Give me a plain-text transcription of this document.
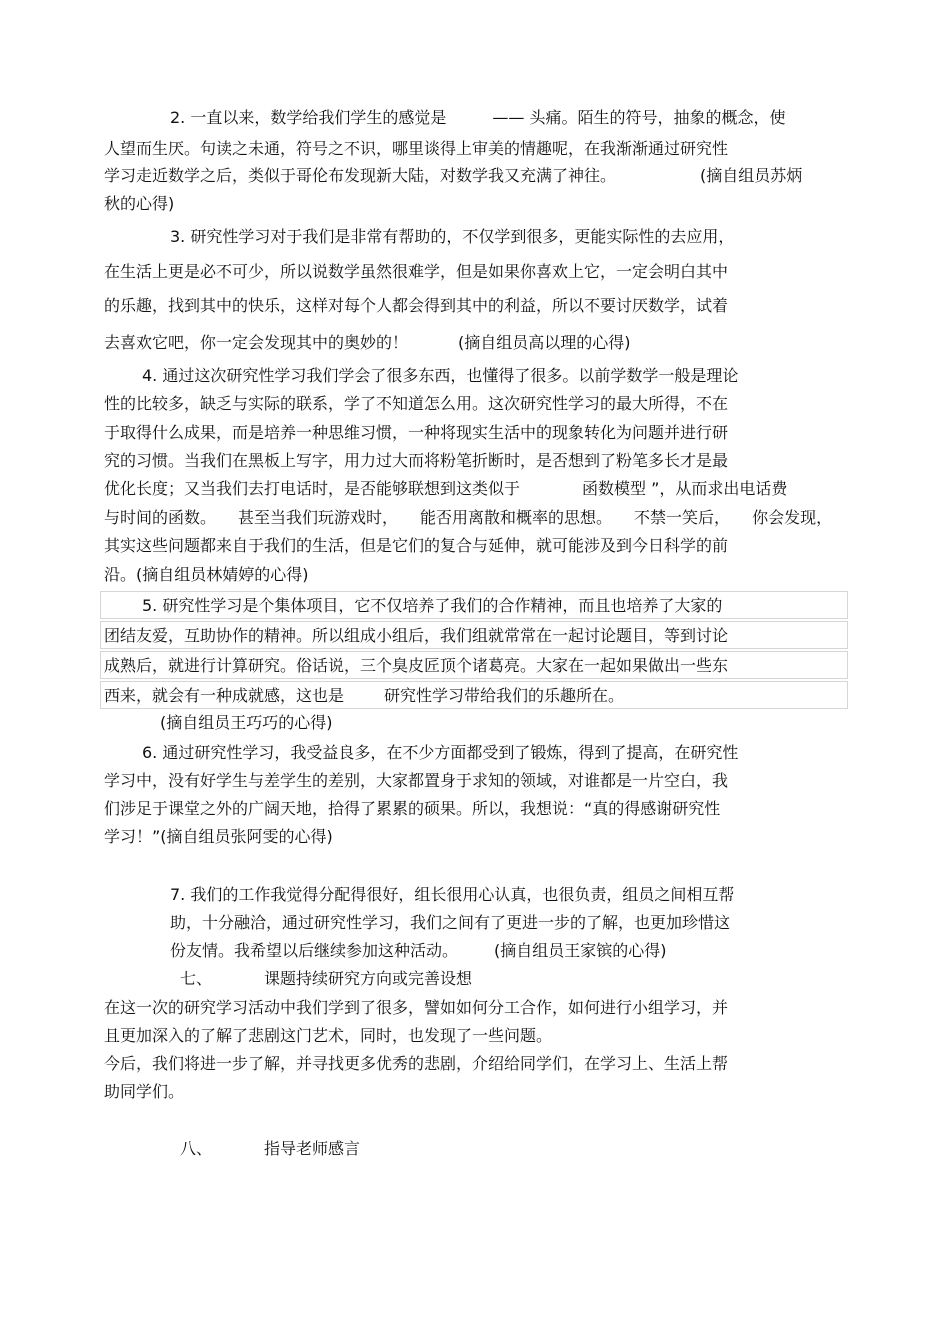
2. 一直以来，数学给我们学生的感觉是	—— 头痛。陌生的符号，抽象的概念，使
人望而生厌。句读之未通，符号之不识，哪里谈得上审美的情趣呢，在我渐渐通过研究性
学习走近数学之后，类似于哥伦布发现新大陆，对数学我又充满了神往。	(摘自组员苏炳
秋的心得)
3. 研究性学习对于我们是非常有帮助的，不仅学到很多，更能实际性的去应用，
在生活上更是必不可少，所以说数学虽然很难学，但是如果你喜欢上它，一定会明白其中
的乐趣，找到其中的快乐，这样对每个人都会得到其中的利益，所以不要讨厌数学，试着
去喜欢它吧，你一定会发现其中的奥妙的！	(摘自组员高以理的心得)
4. 通过这次研究性学习我们学会了很多东西，也懂得了很多。以前学数学一般是理论
性的比较多，缺乏与实际的联系，学了不知道怎么用。这次研究性学习的最大所得，不在
于取得什么成果，而是培养一种思维习惯，一种将现实生活中的现象转化为问题并进行研
究的习惯。当我们在黑板上写字，用力过大而将粉笔折断时，是否想到了粉笔多长才是最
优化长度；又当我们去打电话时，是否能够联想到这类似于	函数模型 ”，从而求出电话费
与时间的函数。 甚至当我们玩游戏时， 能否用离散和概率的思想。 不禁一笑后， 你会发现，
其实这些问题都来自于我们的生活，但是它们的复合与延伸，就可能涉及到今日科学的前
沿。(摘自组员林婧婷的心得)
5. 研究性学习是个集体项目，它不仅培养了我们的合作精神，而且也培养了大家的
团结友爱，互助协作的精神。所以组成小组后，我们组就常常在一起讨论题目，等到讨论
成熟后，就进行计算研究。俗话说，三个臭皮匠顶个诸葛亮。大家在一起如果做出一些东
西来，就会有一种成就感，这也是	研究性学习带给我们的乐趣所在。
(摘自组员王巧巧的心得)
6. 通过研究性学习，我受益良多，在不少方面都受到了锻炼，得到了提高，在研究性
学习中，没有好学生与差学生的差别，大家都置身于求知的领域，对谁都是一片空白，我
们涉足于课堂之外的广阔天地，拾得了累累的硕果。所以，我想说：“真的得感谢研究性
学习！”(摘自组员张阿雯的心得)
7. 我们的工作我觉得分配得很好，组长很用心认真，也很负责，组员之间相互帮
助，十分融洽，通过研究性学习，我们之间有了更进一步的了解，也更加珍惜这
份友情。我希望以后继续参加这种活动。 (摘自组员王家镔的心得)
七、	课题持续研究方向或完善设想
在这一次的研究学习活动中我们学到了很多，譬如如何分工合作，如何进行小组学习，并
且更加深入的了解了悲剧这门艺术，同时，也发现了一些问题。
今后，我们将进一步了解，并寻找更多优秀的悲剧，介绍给同学们，在学习上、生活上帮
助同学们。
八、	指导老师感言
